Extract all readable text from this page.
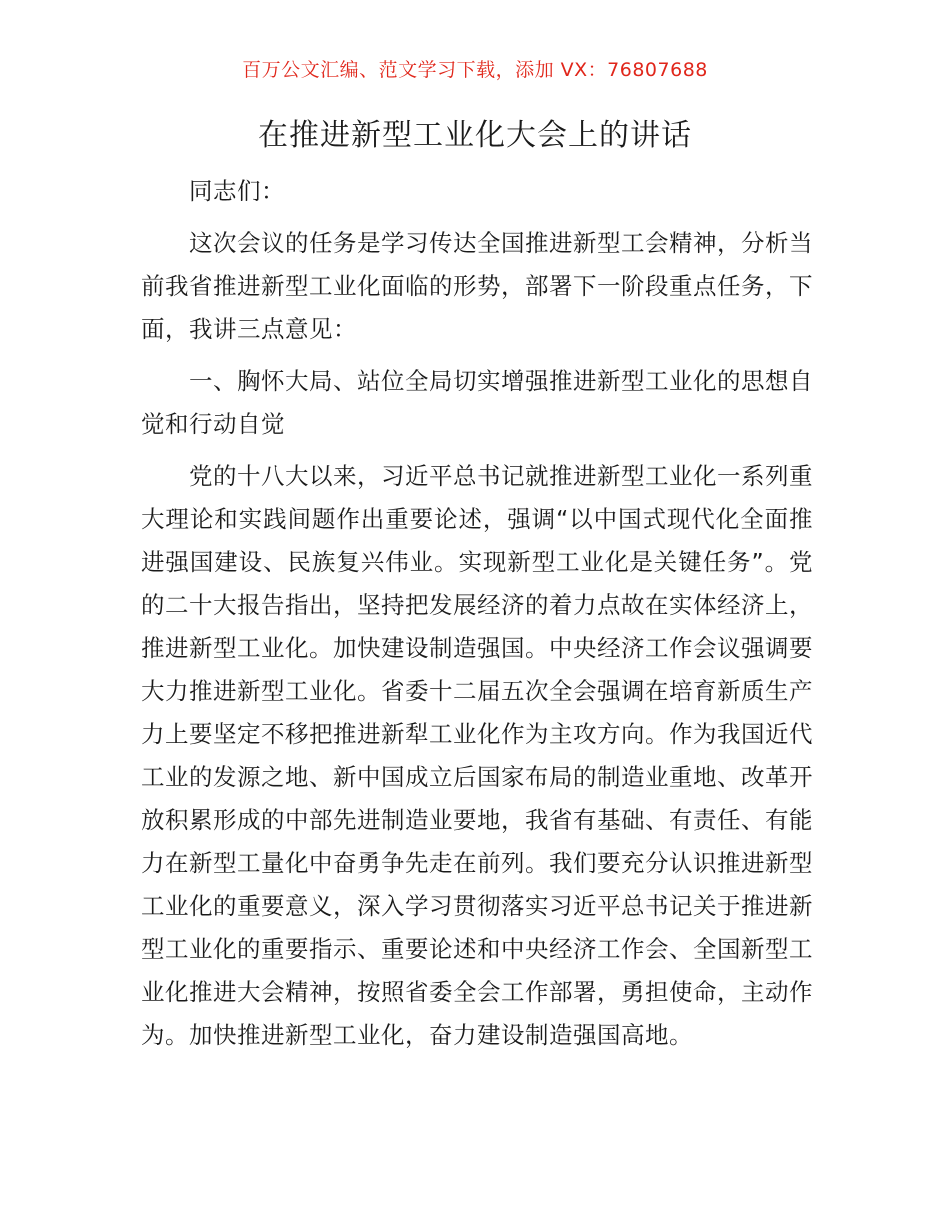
百万公文汇编、范文学习下载，添加 VX：76807688
在推进新型工业化大会上的讲话

同志们：

这次会议的任务是学习传达全国推进新型工会精神，分析当前我省推进新型工业化面临的形势，部署下一阶段重点任务，下面，我讲三点意见：

一、胸怀大局、站位全局切实增强推进新型工业化的思想自觉和行动自觉

党的十八大以来，习近平总书记就推进新型工业化一系列重大理论和实践间题作出重要论述，强调“以中国式现代化全面推进强国建设、民族复兴伟业。实现新型工业化是关键任务”。党的二十大报告指出，坚持把发展经济的着力点故在实体经济上，推进新型工业化。加快建设制造强国。中央经济工作会议强调要大力推进新型工业化。省委十二届五次全会强调在培育新质生产力上要坚定不移把推进新犁工业化作为主攻方向。作为我国近代工业的发源之地、新中国成立后国家布局的制造业重地、改革开放积累形成的中部先进制造业要地，我省有基础、有责任、有能力在新型工量化中奋勇争先走在前列。我们要充分认识推进新型工业化的重要意义，深入学习贯彻落实习近平总书记关于推进新型工业化的重要指示、重要论述和中央经济工作会、全国新型工业化推进大会精神，按照省委全会工作部署，勇担使命，主动作为。加快推进新型工业化，奋力建设制造强国高地。
